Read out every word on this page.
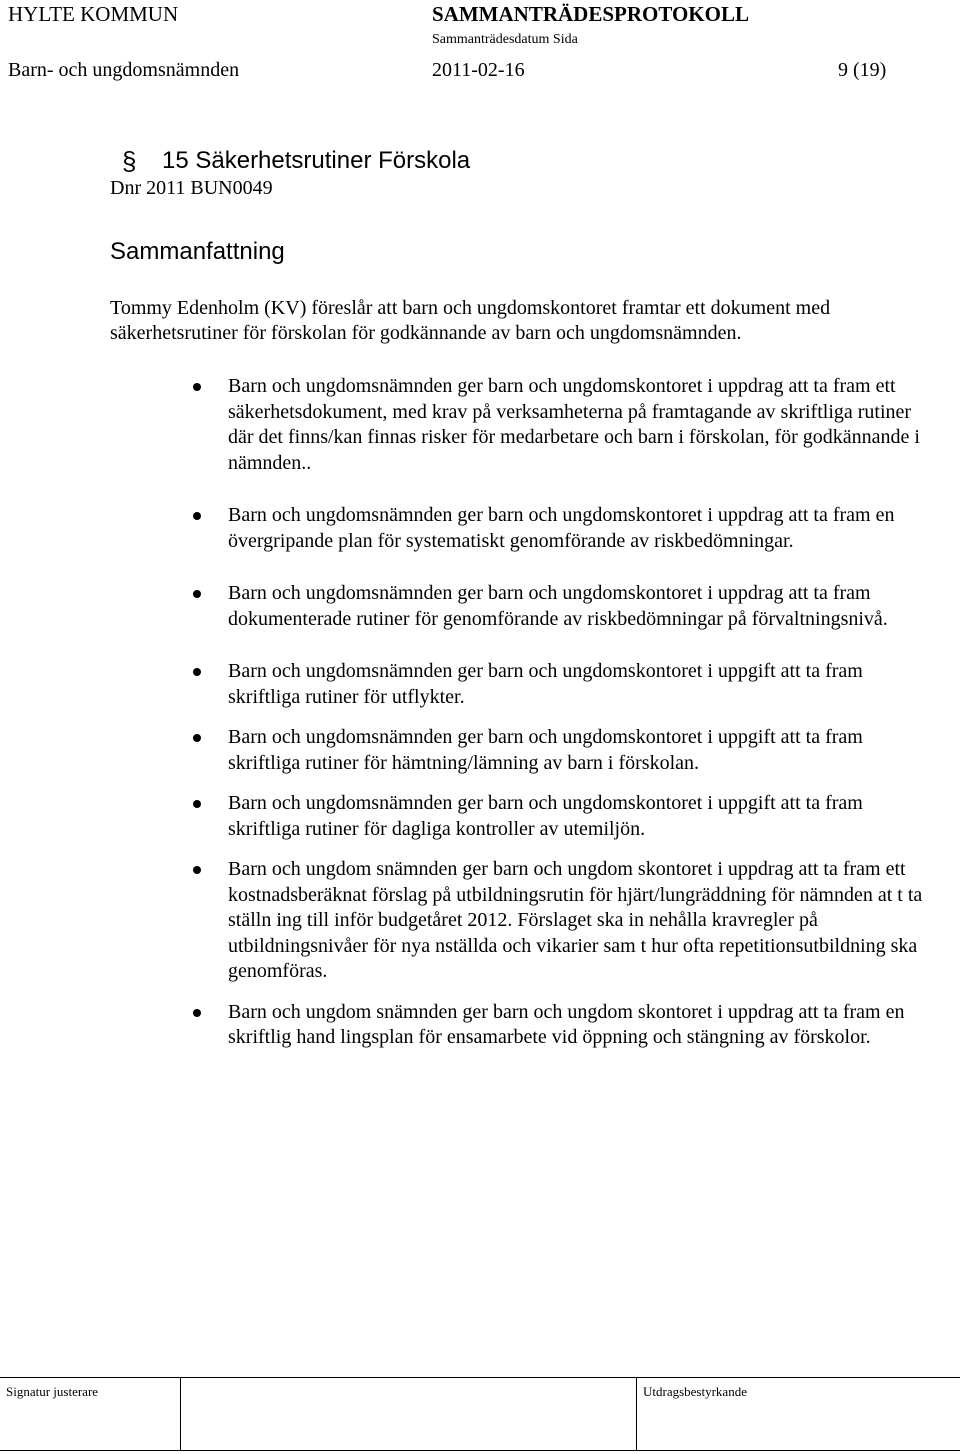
HYLTE KOMMUN	SAMMANTRÄDESPROTOKOLL
Sammanträdesdatum Sida
Barn- och ungdomsnämnden	2011-02-16	9 (19)
§ 15 Säkerhetsrutiner Förskola
Dnr 2011 BUN0049
Sammanfattning
Tommy Edenholm (KV) föreslår att barn och ungdomskontoret framtar ett dokument med säkerhetsrutiner för förskolan för godkännande av barn och ungdomsnämnden.
Barn och ungdomsnämnden ger barn och ungdomskontoret i uppdrag att ta fram ett säkerhetsdokument, med krav på verksamheterna på framtagande av skriftliga rutiner där det finns/kan finnas risker för medarbetare och barn i förskolan, för godkännande i nämnden..
Barn och ungdomsnämnden ger barn och ungdomskontoret i uppdrag att ta fram en övergripande plan för systematiskt genomförande av riskbedömningar.
Barn och ungdomsnämnden ger barn och ungdomskontoret i uppdrag att ta fram dokumenterade rutiner för genomförande av riskbedömningar på förvaltningsnivå.
Barn och ungdomsnämnden ger barn och ungdomskontoret i uppgift att ta fram skriftliga rutiner för utflykter.
Barn och ungdomsnämnden ger barn och ungdomskontoret i uppgift att ta fram skriftliga rutiner för hämtning/lämning av barn i förskolan.
Barn och ungdomsnämnden ger barn och ungdomskontoret i uppgift att ta fram skriftliga rutiner för dagliga kontroller av utemiljön.
Barn och ungdom snämnden ger barn och ungdom skontoret i uppdrag att ta fram ett kostnadsberäknat förslag på utbildningsrutin för hjärt/lungräddning för nämnden at t ta ställn ing till inför budgetåret 2012. Förslaget ska in nehålla kravregler på utbildningsnivåer för nya nställda och vikarier sam t hur ofta repetitionsutbildning ska genomföras.
Barn och ungdom snämnden ger barn och ungdom skontoret i uppdrag att ta fram en skriftlig hand lingsplan för ensamarbete vid öppning och stängning av förskolor.
Signatur justerare	Utdragsbestyrkande
